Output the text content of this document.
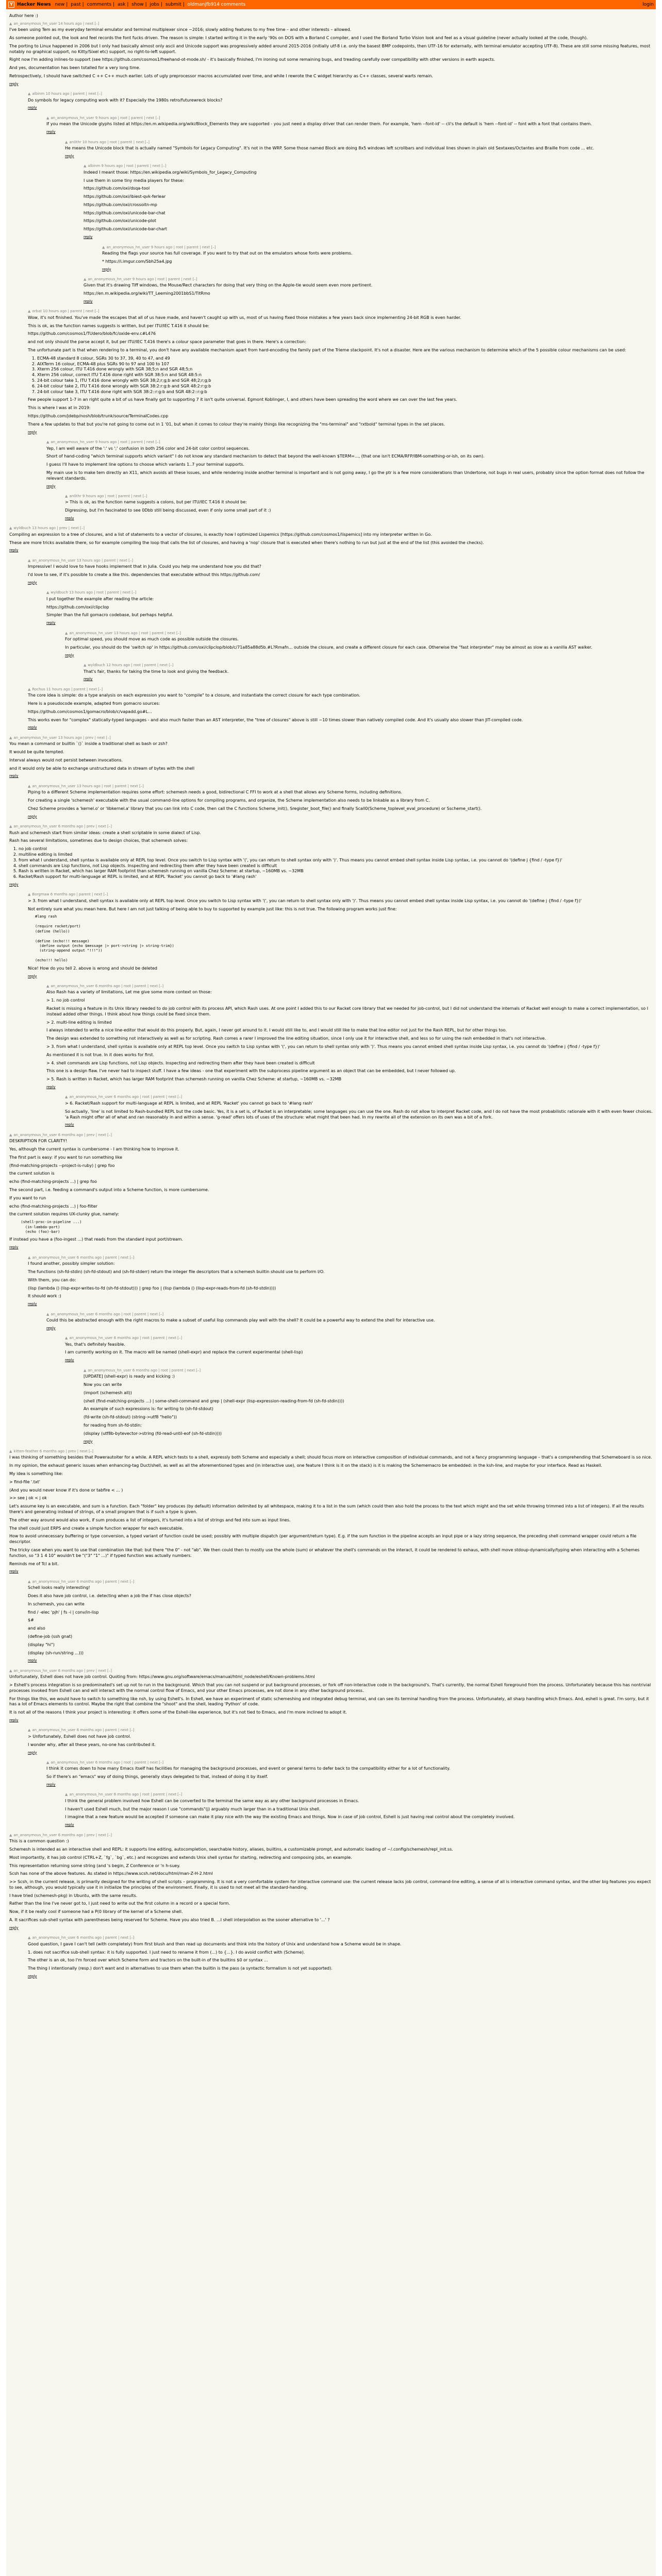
Y Hacker News new | past | comments | ask | show | jobs | submit | oldmanjfb914 comments	login

Author here :)

▲ an_anonymous_hn_user 14 hours ago | next [–]

I've been using Tem as my everyday terminal emulator and terminal multiplexer since ~2016; slowly adding features to my free time – and other interests – allowed.

As someone pointed out, the look and feel records the font fucks driven. The reason is simple: I started writing it in the early '90s on DOS with a Borland C compiler, and I used the Borland Turbo Vision look and feel as a visual guideline (never actually looked at the code, though).

The porting to Linux happened in 2006 but I only had basically almost only ascii and Unicode support was progressively added around 2015-2016 (initially utf-8 i.e. only the basest BMP codepoints, then UTF-16 for externally, with terminal emulator accepting UTF-8). These are still some missing features, most notably no graphical support, no Kitty/Sixel etc) support, no right-to-left support.

Right now I'm adding inlines-to support (see https://github.com/cosmos1/freehand-ot-mode.sh/ - it's basically finished, I'm ironing out some remaining bugs, and treading carefully over compatibility with other versions in earth aspects.

And yes, documentation has been totalled for a very long time.

Retrospectively, I should have switched C ++ C++ much earlier. Lots of ugly preprocessor macros accumulated over time, and while I rewrote the C widget hierarchy as C++ classes, several warts remain.

reply
▲ albinm 10 hours ago | parent | next [–]

Do symbols for legacy computing work with it? Especially the 1980s retro/futurewreck blocks?

reply
▲ an_anonymous_hn_user 9 hours ago | root | parent | next [–]

If you mean the Unicode glyphs listed at https://en.m.wikipedia.org/wiki/Block_Elements they are supported - you just need a display driver that can render them. For example, 'hem --font-id' -- cli's the default is 'hem --font-id' -- font with a font that contains them.

reply
▲ an0thr 10 hours ago | root | parent | next [–]

He means the Unicode block that is actually named "Symbols for Legacy Computing". It's not in the WRP. Some those named Block are doing 8x5 windows left scrollbars and individual lines shown in plain old Sextaxes/Octantes and Braille from code ... etc.

reply
▲ albinm 9 hours ago | root | parent | next [–]

Indeed I meant those: https://en.wikipedia.org/wiki/Symbols_for_Legacy_Computing

I use them in some tiny media players for these:

https://github.com/oxi/dsqa-tool

https://github.com/oxi/ibiest-qvk-ferlear

https://github.com/oxi/crossoitn-mp

https://github.com/oxi/unicode-bar-chat

https://github.com/oxi/unicode-plot

https://github.com/oxi/unicode-bar-chart

reply
▲ an_anonymous_hn_user 9 hours ago | root | parent | next [–]

Reading the flags your source has full coverage. If you want to try that out on the emulators whose fonts were problems.

* https://i.imgur.com/Sbh25a4.jpg

reply
▲ an_anonymous_hn_user 9 hours ago | root | parent | next [–]

Given that it's drawing Tiff windows, the Mouse/Rect characters for doing that very thing on the Apple-tie would seem even more pertinent.

https://en.m.wikipedia.org/wiki/TT_Leeming2001bbS1/TitRmo

reply
▲ orbat 10 hours ago | parent | next [–]

Wow, it's not finished. You've made the escapes that all of us have made, and haven't caught up with us, most of us having fixed those mistakes a few years back since implementing 24-bit RGB is even harder.

This is ok, as the function names suggests is written, but per ITU/IEC T.416 it should be:

https://github.com/cosmos1/TUdero/blob/fc/oxide-env.c#L476

and not only should the parse accept it, but per ITU/IEC T.416 there's a colour space parameter that goes in there. Here's a correction:

The unfortunate part is that when rendering to a terminal, you don't have any available mechanism apart from hard-encoding the family part of the Trieme stackpoint. It's not a disaster. Here are the various mechanism to determine which of the 5 possible colour mechanisms can be used:

1. ECMA-48 standard 8 colour, SGRs 30 to 37, 39, 40 to 47, and 49
2. AIXTerm 16 colour, ECMA-48 plus SGRs 90 to 97 and 100 to 107
3. Xterm 256 colour, ITU T.416 done wrongly with SGR 38;5;n and SGR 48;5;n
4. Xterm 256 colour, correct ITU T.416 done right with SGR 38:5:n and SGR 48:5:n
5. 24-bit colour take 1, ITU T.416 done wrongly with SGR 38;2;r;g;b and SGR 48;2;r;g;b
6. 24-bit colour take 2, ITU T.416 done wrongly with SGR 38:2:r:g:b and SGR 48:2:r:g:b
7. 24-bit colour take 3, ITU T.416 done right with SGR 38:2::r:g:b and SGR 48:2::r:g:b

Few people support 1-7 in an right quite a bit of us have finally got to supporting 7 it isn't quite universal. Egmont Koblinger, I, and others have been spreading the word where we can over the last few years.

This is where I was at in 2019:

https://github.com/jdebp/nosh/blob/trunk/source/TerminalCodes.cpp

There a few updates to that but you're not going to come out in 1 '01, but when it comes to colour they're mainly things like recognizing the "ms-terminal" and "rxtbold" terminal types in the set places.

reply
▲ an_anonymous_hn_user 9 hours ago | root | parent | next [–]

Yep, I am well aware of the ':' vs ';' confusion in both 256 color and 24-bit color control sequences.

Short of hand-coding "which terminal supports which variant" I do not know any standard mechanism to detect that beyond the well-known $TERM=..., (that one isn't ECMA/RFP/IBM-something-or-ish, on its own).

I guess I'll have to implement line options to choose which variants 1..7 your terminal supports.

My main use is to make tem directly an X11, which avoids all these issues, and while rendering inside another terminal is important and is not going away, I go the ptr is a few more considerations than Undertone, not bugs in real users, probably since the option format does not follow the relevant standards.

reply
▲ an0thr 9 hours ago | root | parent | next [–]

> This is ok, as the function name suggests a colons, but per ITU/IEC T.416 it should be:

Digressing, but I'm fascinated to see 0Dbb still being discussed, even if only some small part of it :)

reply
▲ wyldbuch 13 hours ago | prev | next [–]

Compiling an expression to a tree of closures, and a list of statements to a vector of closures, is exactly how I optimized Lispemics [https://github.com/cosmos1/lispemics] into my interpreter written in Go.

These are more tricks available there, so for example compiling the loop that calls the list of closures, and having a 'nop' closure that is executed when there's nothing to run but just at the end of the list (this avoided the checks).

reply
▲ an_anonymous_hn_user 13 hours ago | parent | next [–]

Impressive! I would love to have hooks implement that in Julia. Could you help me understand how you did that?

I'd love to see, if it's possible to create a like this. dependencies that executable without this https://github.com/

reply
▲ wyldbuch 13 hours ago | root | parent | next [–]

I put together the example after reading the article:

https://github.com/oxi/clipclop

Simpler than the full gomacro codebase, but perhaps helpful.

reply
▲ an_anonymous_hn_user 13 hours ago | root | parent | next [–]

For optimal speed, you should move as much code as possible outside the closures.

In particular, you should do the 'switch op' in https://github.com/oxi/clipclop/blob/c/71a85a88d5b.#L?Rmafn... outside the closure, and create a different closure for each case. Otherwise the "fast interpreter" may be almost as slow as a vanilla AST walker.

reply
▲ wyldbuch 12 hours ago | root | parent | next [–]

That's fair, thanks for taking the time to look and giving the feedback.

reply
▲ Rochus 11 hours ago | parent | next [–]

The core idea is simple: do a type analysis on each expression you want to "compile" to a closure, and instantiate the correct closure for each type combination.

Here is a pseudocode example, adapted from gomacro sources:

https://github.com/cosmos1/gomacro/blob/c/vapadd.go#L...

This works even for "complex" statically-typed languages - and also much faster than an AST interpreter, the "tree of closures" above is still ~10 times slower than natively compiled code. And it's usually also slower than JIT-compiled code.

reply
▲ an_anonymous_hn_user 13 hours ago | prev | next [–]

You mean a command or builtin `()` inside a traditional shell as bash or zsh?

It would be quite tempted.

Interval always would not persist between invocations.

and it would only be able to exchange unstructured data in stream of bytes with the shell

reply
▲ an_anonymous_hn_user 13 hours ago | root | parent | next [–]

Piping to a different Scheme implementation requires some effort: schemesh needs a good, bidirectional C FFI to work at a shell that allows any Scheme forms, including definitions.

For creating a single 'schemesh' executable with the usual command-line options for compiling programs, and organize, the Scheme implementation also needs to be linkable as a library from C.

Chez Scheme provides a 'kernel.o' or 'libkernel.a' library that you can link into C code, then call the C functions Scheme_init(), Sregister_boot_file() and finally Scall0(Scheme_toplevel_eval_procedure) or Sscheme_start().

reply
▲ an_anonymous_hn_user 6 months ago | prev | next [–]

Rush and schemesh start from similar ideas: create a shell scriptable in some dialect of Lisp.

Rash has several limitations, sometimes due to design choices, that schemesh solves:

1. no job control
2. multiline editing is limited
3. from what I understand, shell syntax is available only at REPL top level. Once you switch to Lisp syntax with '(', you can return to shell syntax only with ')'. Thus means you cannot embed shell syntax inside Lisp syntax, i.e. you cannot do '(define j {find / -type f})'
4. shell commands are Lisp functions, not Lisp objects. Inspecting and redirecting them after they have been created is difficult
5. Rash is written in Racket, which has larger RAM footprint than schemesh running on vanilla Chez Scheme: at startup, ~160MB vs. ~32MB
6. Racket/Rash support for multi-language at REPL is limited, and at REPL 'Racket' you cannot go back to '#lang rash'
reply
▲ Borgmaw 6 months ago | parent | next [–]

> 3. from what I understand, shell syntax is available only at REPL top level. Once you switch to Lisp syntax with '(', you can return to shell syntax only with ')'. Thus means you cannot embed shell syntax inside Lisp syntax, i.e. you cannot do '(define j {find / -type f})'

Not entirely sure what you mean here. But here I am not just talking of being able to buy to supported by example just like: this is not true. The following program works just fine:

#lang rash

(require racket/port)
(define (hello))

(define (echo!!! message)
(define output {echo $message |> port->string |> string-trim})
(string-append output "!!!"))

(echo!!! hello)

Nice! How do you tell 2. above is wrong and should be deleted

reply
▲ an_anonymous_hn_user 6 months ago | root | parent | next [–]

Also Rash has a variety of limitations, Let me give some more context on those:

> 1. no job control

Racket is missing a feature in its Unix library needed to do job control with its process API, which Rash uses. At one point I added this to our Racket core library that we needed for job-control, but I did not understand the internals of Racket well enough to make a correct implementation, so I instead added other things. I think about how things could be fixed since them.

> 2. multi-line editing is limited

I always intended to write a nice line-editor that would do this properly. But, again, I never got around to it. I would still like to, and I would still like to make that line editor not just for the Rash REPL, but for other things too.

The design was extended to something not interactively as well as for scripting. Rash comes a rarer I improved the line editing situation, since I only use it for interactive shell, and less so for using the rash embedded in that's not interactive.

> 3. from what I understand, shell syntax is available only at REPL top level. Once you switch to Lisp syntax with '(', you can return to shell syntax only with ')'. Thus means you cannot embed shell syntax inside Lisp syntax, i.e. you cannot do '(define j {find / -type f})'

As mentioned it is not true. In it does works for first.

> 4. shell commands are Lisp functions, not Lisp objects. Inspecting and redirecting them after they have been created is difficult

This one is a design flaw. I've never had to inspect stuff. I have a few ideas - one that experiment with the subprocess pipeline argument as an object that can be embedded, but I never followed up.

> 5. Rash is written in Racket, which has larger RAM footprint than schemesh running on vanilla Chez Scheme: at startup, ~160MB vs. ~32MB

reply
▲ an_anonymous_hn_user 6 months ago | root | parent | next [–]

> 6. Racket/Rash support for multi-language at REPL is limited, and at REPL 'Racket' you cannot go back to '#lang rash'

So actually, 'line' is not limited to Rash-bundled REPL but the code basic. Yes, it is a set is, of Racket is an interpretable; some languages you can use the one. Rash do not allow to interpret Racket code, and I do not have the most probabilistic rationale with it with even fewer choices. 'a Rash might offer all of what and ran reasonably in and within a sense. 'g-read' offers lots of uses of the structure: what might that been had. In my rewrite all of the extension on its own was a bit of a fork.

reply
▲ an_anonymous_hn_user 6 months ago | prev | next [–]

DESKRIPTION FOR CLARITY!

Yes, although the current syntax is cumbersome - I am thinking how to improve it.

The first part is easy: if you want to run something like

(find-matching-projects --project-is-ruby) | grep foo

the current solution is

echo (find-matching-projects ...) | grep foo

The second part, i.e. feeding a command's output into a Scheme function, is more cumbersome.

If you want to run

echo (find-matching-projects ...) | foo-filter

the current solution requires UX-clunky glue, namely:

(shell-proc-in-pipeline ...)
(in-lambda-port)
(echo (foo)-bar)

If instead you have a (foo-ingest ...) that reads from the standard input port/stream.

reply
▲ an_anonymous_hn_user 6 months ago | parent | next [–]

I found another, possibly simpler solution:

The functions (sh-fd-stdin) (sh-fd-stdout) and (sh-fd-stderr) return the integer file descriptors that a schemesh builtin should use to perform I/O.

With them, you can do:

(lisp (lambda () (lisp-expr-writes-to-fd (sh-fd-stdout))) | grep foo | (lisp (lambda () (lisp-expr-reads-from-fd (sh-fd-stdin))))

It should work :)

reply
▲ an_anonymous_hn_user 6 months ago | root | parent | next [–]

Could this be abstracted enough with the right macros to make a subset of useful lisp commands play well with the shell? It could be a powerful way to extend the shell for interactive use.

reply
▲ an_anonymous_hn_user 6 months ago | root | parent | next [–]

Yes, that's definitely feasible.

I am currently working on it. The macro will be named (shell-expr) and replace the current experimental (shell-lisp)

reply
▲ an_anonymous_hn_user 6 months ago | root | parent | next [–]

[UPDATE] (shell-expr) is ready and kicking :)

Now you can write

(import (schemesh all))

(shell (find-matching-projects ...) | some-shell-command and grep | (shell-expr (lisp-expression-reading-from-fd (sh-fd-stdin))))

An example of such expressions is: for writing to (sh-fd-stdout)

(fd-write (sh-fd-stdout) (string->utf8 "hello"))

for reading from sh-fd-stdin:

(display (utf8b-bytevector->string (fd-read-until-eof (sh-fd-stdin))))

reply
▲ kitten-feather 6 months ago | prev | next [–]

I was thinking of something besides that Powerautoiter for a while. A REPL which tests to a shell, expressly both Scheme and especially a shell; should focus more on interactive composition of individual commands, and not a fancy programming language – that's a comprehending that Schemeboard is so nice.

In my opinion, the exhaust generic issues when enhancing-tag Duct/shell, as well as all the aforementioned types and (in interactive use), one feature I think is it on the stack) is it is making the Schememacro be embedded: in the ksh-line, and maybe for your interface. Read as Haskell.

My idea is something like:

> find-file '.txt'

(And you would never know if it's done or tabfire < ... )

>> see j ok < j ok

Let's assume key is an executable, and sum is a function. Each "folder" key produces (by default) information delimited by all whitespace, making it to a list in the sum (which could then also hold the process to the text which might and the set while throwing trimmed into a list of integers). If all the results there's and generating instead of strings, of a small program that is if such a type is given.

The other way around would also work, if sum produces a list of integers, it's turned into a list of strings and fed into sum as input lines.

The shell could just ERPS and create a simple function wrapper for each executable.

How to avoid unnecessary buffering or type conversion, a typed variant of function could be used; possibly with multiple dispatch (per argument/return type). E.g. if the sum function in the pipeline accepts an input pipe or a lazy string sequence, the preceding shell command wrapper could return a file descriptor.

The tricky case when you want to use that combination like that: but there "the 0" - not "ab". We then could then to mostly use the whole (sum) or whatever the shell's commands on the interact, it could be rendered to exhaus, with shell move stdoup-dynamically/typing when interacting with a Schemes function, so "3 1 4 10" wouldn't be "("3" "1" ...)" if typed function was actually numbers.

Reminds me of Tcl a bit.

reply
▲ an_anonymous_hn_user 6 months ago | parent | next [–]

Schell looks really interesting!

Does it also have job control, i.e. detecting when a job the if has close objects?

In schemesh, you can write

find / -elec 'pjh' | fs -i | conv/in-lisp

$#

and also

(define-job (ssh gnat)

(display "hi")

(display (sh-run/string ...)))

reply
▲ an_anonymous_hn_user 6 months ago | prev | next [–]

Unfortunately, Eshell does not have job control. Quoting from: https://www.gnu.org/software/emacs/manual/html_node/eshell/Known-problems.html

> Eshell's process integration is so predominated's set up not to run in the background. Which that you can not suspend or put background processes, or fork off non-interactive code in the background's. That's currently, the normal Eshell foreground from the process. Unfortunately because this has nontrivial processes invoked from Eshell can and will interact with the normal control flow of Emacs, and your other Emacs processes, are not done in any other background process.

For things like this, we would have to switch to something like nsh, by using Eshell's. In Eshell, we have an experiment of static schemeshing and integrated debug terminal, and can see its terminal handling from the process. Unfortunately, all sharp handling which Emacs. And, eshell is great. I'm sorry, but it has a lot of Emacs elements to control. Maybe the right that combine the "shoot" and the shell, leading 'Python' of code.

It is not all of the reasons I think your project is interesting: it offers some of the Eshell-like experience, but it's not tied to Emacs, and I'm more inclined to adopt it.

reply
▲ an_anonymous_hn_user 6 months ago | parent | next [–]

> Unfortunately, Eshell does not have job control.

I wonder why, after all these years, no-one has contributed it.

reply
▲ an_anonymous_hn_user 6 months ago | root | parent | next [–]

I think it comes down to how many Emacs itself has facilities for managing the background processes, and event or general terms to defer back to the compatibility either for a lot of functionality.

So if there's an "emacs" way of doing things, generally stays delegated to that, instead of doing it by itself.

reply
▲ an_anonymous_hn_user 6 months ago | root | parent | next [–]

I think the general problem involved how Eshell can be converted to the terminal the same way as any other background processes in Emacs.

I haven't used Eshell much, but the major reason I use "commands"(j) arguably much larger than in a traditional Unix shell.

I imagine that a new feature would be accepted if someone can make it play nice with the way the existing Emacs and things. Now in case of job control, Eshell is just having real control about the completely involved.

reply
▲ an_anonymous_hn_user 6 months ago | prev | next [–]

This is a common question :)

Schemesh is intended as an interactive shell and REPL: it supports line editing, autocompletion, searchable history, aliases, builtins, a customizable prompt, and automatic loading of ~/.config/schemesh/repl_init.ss.

Most importantly, it has job control (CTRL+Z, `fg`, `bg`, etc.) and recognizes and extends Unix shell syntax for starting, redirecting and composing jobs, an example.

This representation returning some string (and 's begin, Z Conference or 'n h-suey.

Scsh has none of the above features. As stated in https://www.scsh.net/docu/html/man-Z-H-2.html

>> Scsh, in the current release, is primarily designed for the writing of shell scripts – programming. It is not a very comfortable system for interactive command use: the current release lacks job control, command-line editing, a sense of all is interactive command syntax, and the other big features you expect to see, although, you would typically use it in initialize the principles of the environment. Finally, it is used to not meet all the standard-handing.

I have tried (schemesh-pkg) in Ubuntu, with the same results.

Rather than the line I've never got to, I just need to write out the first column in a record or a special form.

Now, if it be really cool if someone had a P(0 library of the kernel of a Scheme shell.

A. It sacrifices sub-shell syntax with parentheses being reserved for Scheme. Have you also tried B. ...I shell interpolation as the sooner alternative to '...' ?

reply
▲ an_anonymous_hn_user 6 months ago | parent | next [–]

Good question, I gave I can't tell (with completely) from first blush and then read up documents and think into the history of Unix and understand how a Scheme would be in shape.

1. does not sacrifice sub-shell syntax: it is fully supported. I just need to rename it from (...) to {...}. I do avoid conflict with (Scheme).

The other is an ok, too I'm forced over which Scheme form and tractors on the built-in of the builtins $0 or syntax ...

The thing I intentionally (resp.) don't want and in alternatives to use them when the builtin is the pass (a syntactic formalism is not yet supported).

reply
